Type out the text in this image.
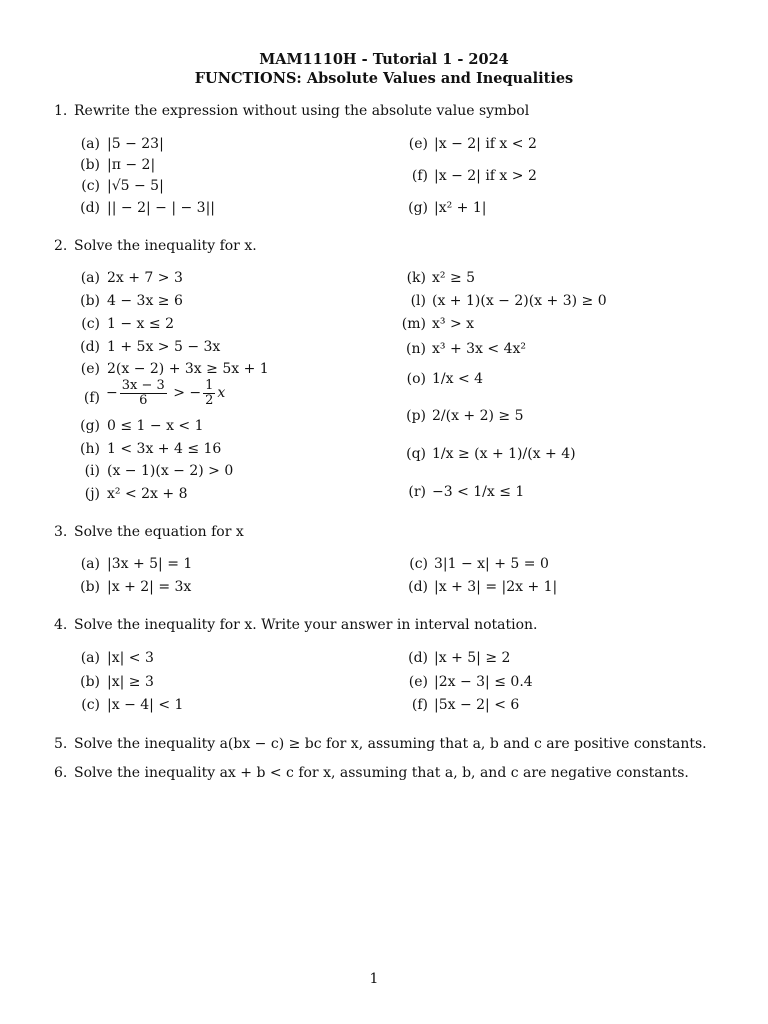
MAM1110H - Tutorial 1 - 2024
FUNCTIONS: Absolute Values and Inequalities
1. Rewrite the expression without using the absolute value symbol
(a) |5 − 23|
(b) |π − 2|
(c) |√5 − 5|
(d) || − 2| − | − 3||
(e) |x − 2| if x < 2
(f) |x − 2| if x > 2
(g) |x² + 1|
2. Solve the inequality for x.
(a) 2x + 7 > 3
(b) 4 − 3x ≥ 6
(c) 1 − x ≤ 2
(d) 1 + 5x > 5 − 3x
(e) 2(x − 2) + 3x ≥ 5x + 1
$(f) - \frac{3x - 3}{6}$ > − $\frac{1}{2}$ x
(g) 0 ≤ 1 − x < 1
(h) 1 < 3x + 4 ≤ 16
(i) (x − 1)(x − 2) > 0
(j) x² < 2x + 8
(k) x² ≥ 5
(l) (x + 1)(x − 2)(x + 3) ≥ 0
(m) x³ > x
(n) x³ + 3x < 4x²
(o) 1/x < 4
(p) 2/(x + 2) ≥ 5
(q) 1/x ≥ (x + 1)/(x + 4)
(r) −3 < 1/x ≤ 1
3. Solve the equation for x
(a) |3x + 5| = 1
(b) |x + 2| = 3x
(c) 3|1 − x| + 5 = 0
(d) |x + 3| = |2x + 1|
4. Solve the inequality for x. Write your answer in interval notation.
(a) |x| < 3
(b) |x| ≥ 3
(c) |x − 4| < 1
(d) |x + 5| ≥ 2
(e) |2x − 3| ≤ 0.4
(f) |5x − 2| < 6
5. Solve the inequality a(bx − c) ≥ bc for x, assuming that a, b and c are positive constants.
6. Solve the inequality ax + b < c for x, assuming that a, b, and c are negative constants.
1
